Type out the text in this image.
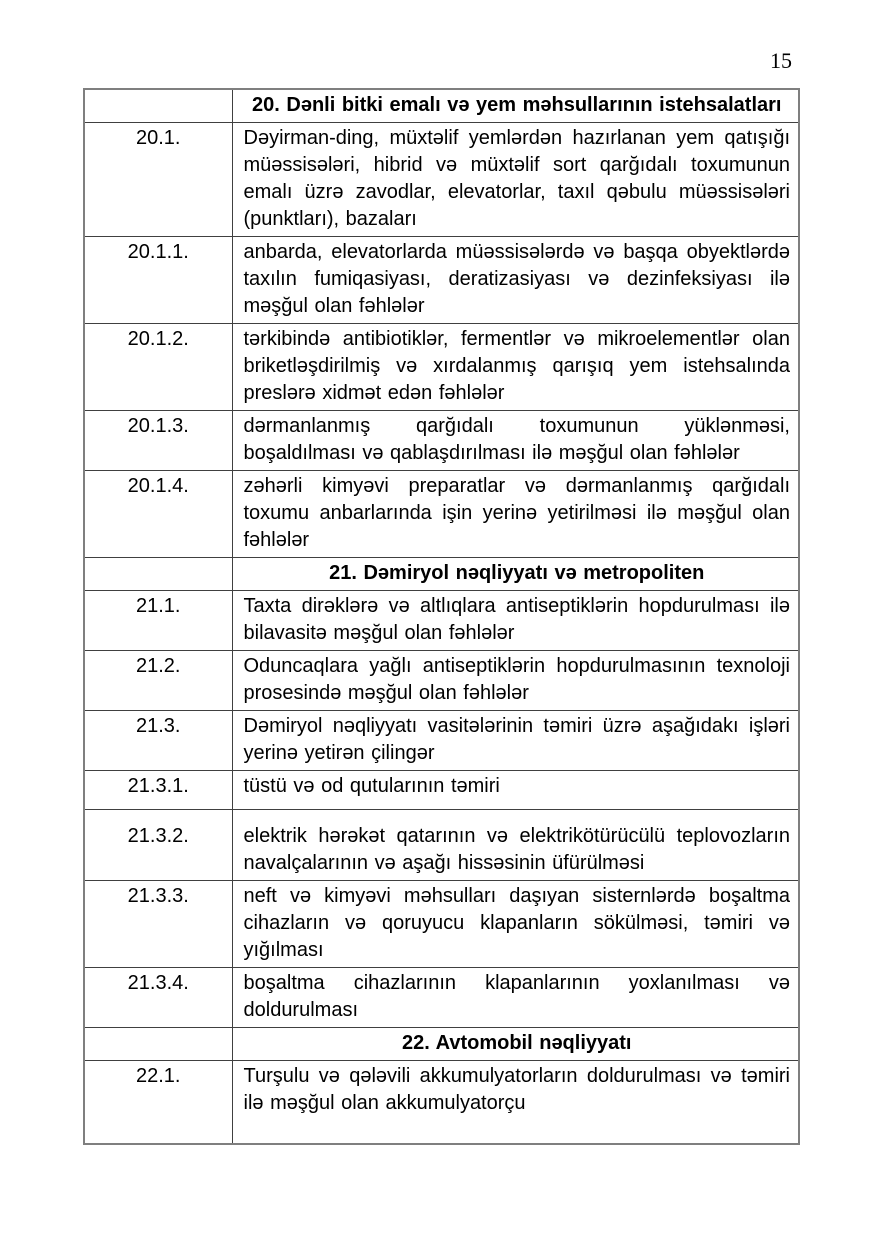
15
	20. Dənli bitki emalı və yem məhsullarının istehsalatları
20.1.	Dəyirman-ding, müxtəlif yemlərdən hazırlanan yem qatışığı müəssisələri, hibrid və müxtəlif sort qarğıdalı toxumunun emalı üzrə zavodlar, elevatorlar, taxıl qəbulu müəssisələri (punktları), bazaları
20.1.1.	anbarda, elevatorlarda müəssisələrdə və başqa obyektlərdə taxılın fumiqasiyası, deratizasiyası və dezinfeksiyası ilə məşğul olan fəhlələr
20.1.2.	tərkibində antibiotiklər, fermentlər və mikroelementlər olan briketləşdirilmiş və xırdalanmış qarışıq yem istehsalında preslərə xidmət edən fəhlələr
20.1.3.	dərmanlanmış qarğıdalı toxumunun yüklənməsi, boşaldılması və qablaşdırılması ilə məşğul olan fəhlələr
20.1.4.	zəhərli kimyəvi preparatlar və dərmanlanmış qarğıdalı toxumu anbarlarında işin yerinə yetirilməsi ilə məşğul olan fəhlələr
	21. Dəmiryol nəqliyyatı və metropoliten
21.1.	Taxta dirəklərə və altlıqlara antiseptiklərin hopdurulması ilə bilavasitə məşğul olan fəhlələr
21.2.	Oduncaqlara yağlı antiseptiklərin hopdurulmasının texnoloji prosesində məşğul olan fəhlələr
21.3.	Dəmiryol nəqliyyatı vasitələrinin təmiri üzrə aşağıdakı işləri yerinə yetirən çilingər
21.3.1.	tüstü və od qutularının təmiri
21.3.2.	elektrik hərəkət qatarının və elektrikötürücülü teplovozların navalçalarının və aşağı hissəsinin üfürülməsi
21.3.3.	neft və kimyəvi məhsulları daşıyan sisternlərdə boşaltma cihazların və qoruyucu klapanların sökülməsi, təmiri və yığılması
21.3.4.	boşaltma cihazlarının klapanlarının yoxlanılması və doldurulması
	22. Avtomobil nəqliyyatı
22.1.	Turşulu və qələvili akkumulyatorların doldurulması və təmiri ilə məşğul olan akkumulyatorçu
